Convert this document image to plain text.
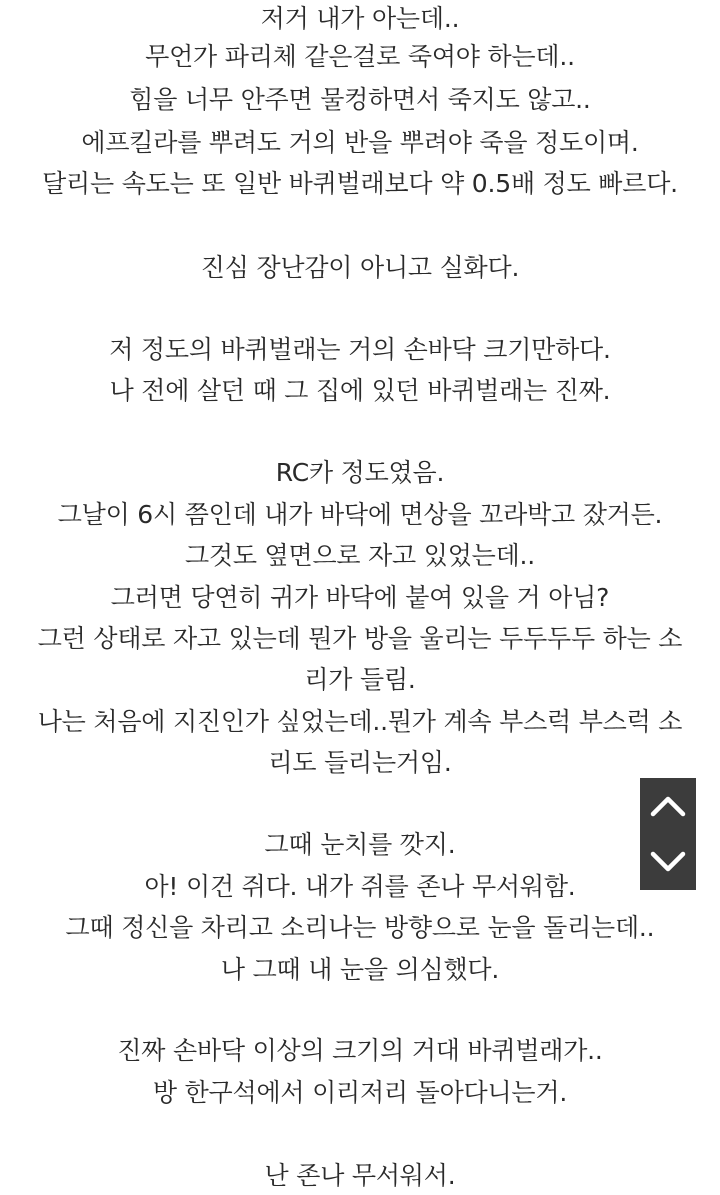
저거 내가 아는데..
무언가 파리체 같은걸로 죽여야 하는데..
힘을 너무 안주면 물컹하면서 죽지도 않고..
에프킬라를 뿌려도 거의 반을 뿌려야 죽을 정도이며.
달리는 속도는 또 일반 바퀴벌래보다 약 0.5배 정도 빠르다.
진심 장난감이 아니고 실화다.
저 정도의 바퀴벌래는 거의 손바닥 크기만하다.
나 전에 살던 때 그 집에 있던 바퀴벌래는 진짜.
RC카 정도였음.
그날이 6시 쯤인데 내가 바닥에 면상을 꼬라박고 잤거든.
그것도 옆면으로 자고 있었는데..
그러면 당연히 귀가 바닥에 붙여 있을 거 아님?
그런 상태로 자고 있는데 뭔가 방을 울리는 두두두두 하는 소
리가 들림.
나는 처음에 지진인가 싶었는데..뭔가 계속 부스럭 부스럭 소
리도 들리는거임.
그때 눈치를 깟지.
아! 이건 쥐다. 내가 쥐를 존나 무서워함.
그때 정신을 차리고 소리나는 방향으로 눈을 돌리는데..
나 그때 내 눈을 의심했다.
진짜 손바닥 이상의 크기의 거대 바퀴벌래가..
방 한구석에서 이리저리 돌아다니는거.
난 존나 무서워서.
